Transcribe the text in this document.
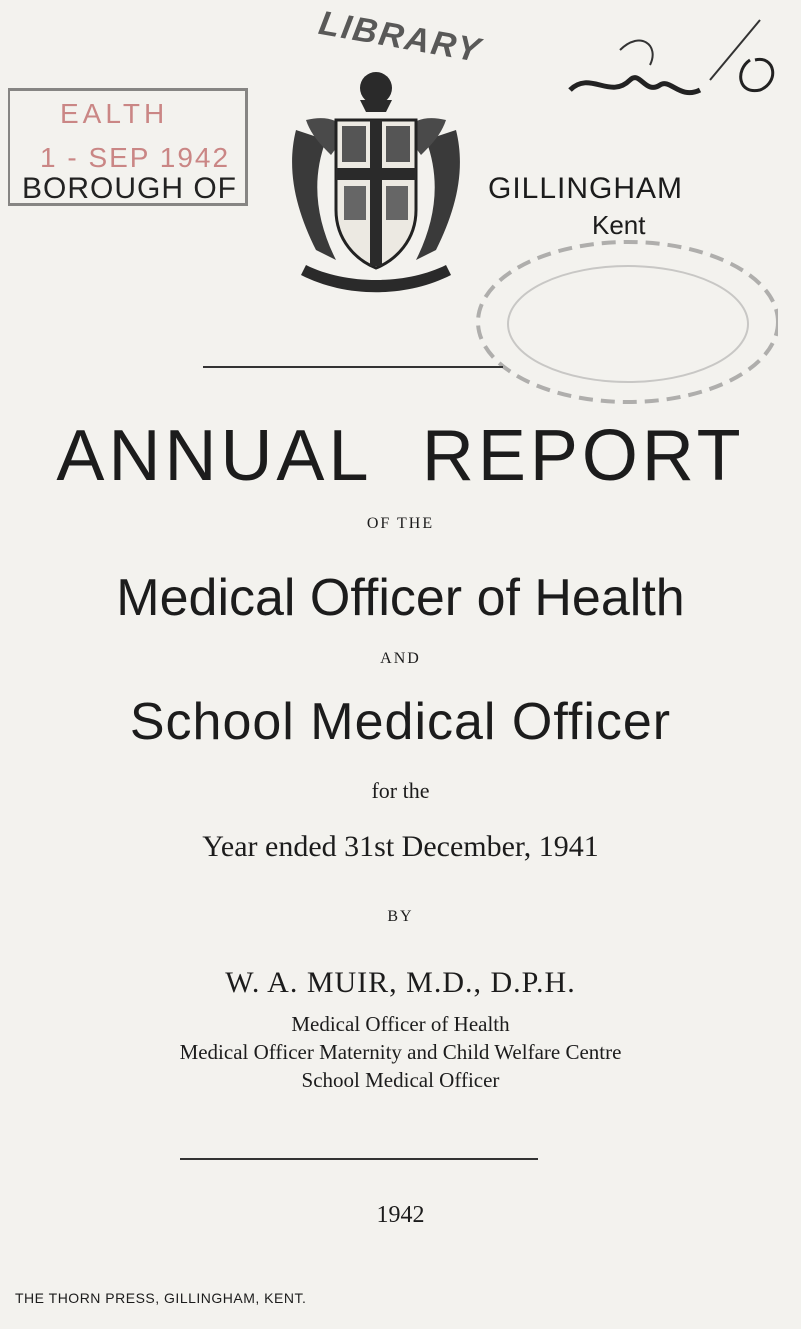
EALTH
1 - SEP 1942
BOROUGH OF
LIBRARY
GILLINGHAM
Kent
ANNUAL REPORT
OF THE
Medical Officer of Health
AND
School Medical Officer
for the
Year ended 31st December, 1941
BY
W. A. MUIR, M.D., D.P.H.
Medical Officer of Health
Medical Officer Maternity and Child Welfare Centre
School Medical Officer
1942
THE THORN PRESS, GILLINGHAM, KENT.
